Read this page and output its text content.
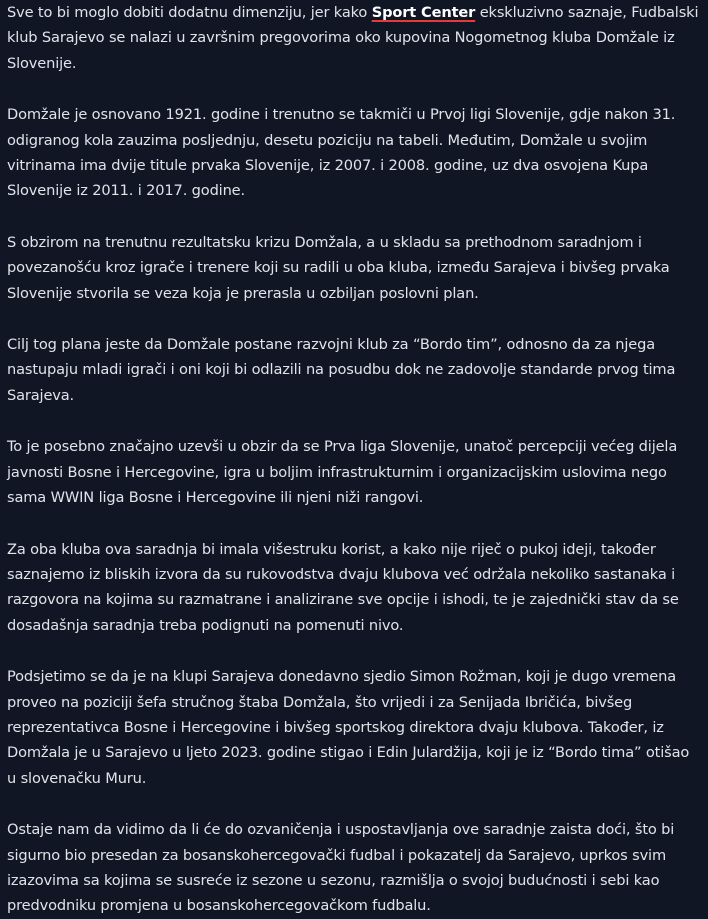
Sve to bi moglo dobiti dodatnu dimenziju, jer kako Sport Center ekskluzivno saznaje, Fudbalski klub Sarajevo se nalazi u završnim pregovorima oko kupovina Nogometnog kluba Domžale iz Slovenije.

Domžale je osnovano 1921. godine i trenutno se takmiči u Prvoj ligi Slovenije, gdje nakon 31. odigranog kola zauzima posljednju, desetu poziciju na tabeli. Međutim, Domžale u svojim vitrinama ima dvije titule prvaka Slovenije, iz 2007. i 2008. godine, uz dva osvojena Kupa Slovenije iz 2011. i 2017. godine.

S obzirom na trenutnu rezultatsku krizu Domžala, a u skladu sa prethodnom saradnjom i povezanošću kroz igrače i trenere koji su radili u oba kluba, između Sarajeva i bivšeg prvaka Slovenije stvorila se veza koja je prerasla u ozbiljan poslovni plan.

Cilj tog plana jeste da Domžale postane razvojni klub za “Bordo tim”, odnosno da za njega nastupaju mladi igrači i oni koji bi odlazili na posudbu dok ne zadovolje standarde prvog tima Sarajeva.

To je posebno značajno uzevši u obzir da se Prva liga Slovenije, unatoč percepciji većeg dijela javnosti Bosne i Hercegovine, igra u boljim infrastrukturnim i organizacijskim uslovima nego sama WWIN liga Bosne i Hercegovine ili njeni niži rangovi.

Za oba kluba ova saradnja bi imala višestruku korist, a kako nije riječ o pukoj ideji, također saznajemo iz bliskih izvora da su rukovodstva dvaju klubova već održala nekoliko sastanaka i razgovora na kojima su razmatrane i analizirane sve opcije i ishodi, te je zajednički stav da se dosadašnja saradnja treba podignuti na pomenuti nivo.

Podsjetimo se da je na klupi Sarajeva donedavno sjedio Simon Rožman, koji je dugo vremena proveo na poziciji šefa stručnog štaba Domžala, što vrijedi i za Senijada Ibričića, bivšeg reprezentativca Bosne i Hercegovine i bivšeg sportskog direktora dvaju klubova. Također, iz Domžala je u Sarajevo u ljeto 2023. godine stigao i Edin Julardžija, koji je iz “Bordo tima” otišao u slovenačku Muru.

Ostaje nam da vidimo da li će do ozvaničenja i uspostavljanja ove saradnje zaista doći, što bi sigurno bio presedan za bosanskohercegovački fudbal i pokazatelj da Sarajevo, uprkos svim izazovima sa kojima se susreće iz sezone u sezonu, razmišlja o svojoj budućnosti i sebi kao predvodniku promjena u bosanskohercegovačkom fudbalu.
